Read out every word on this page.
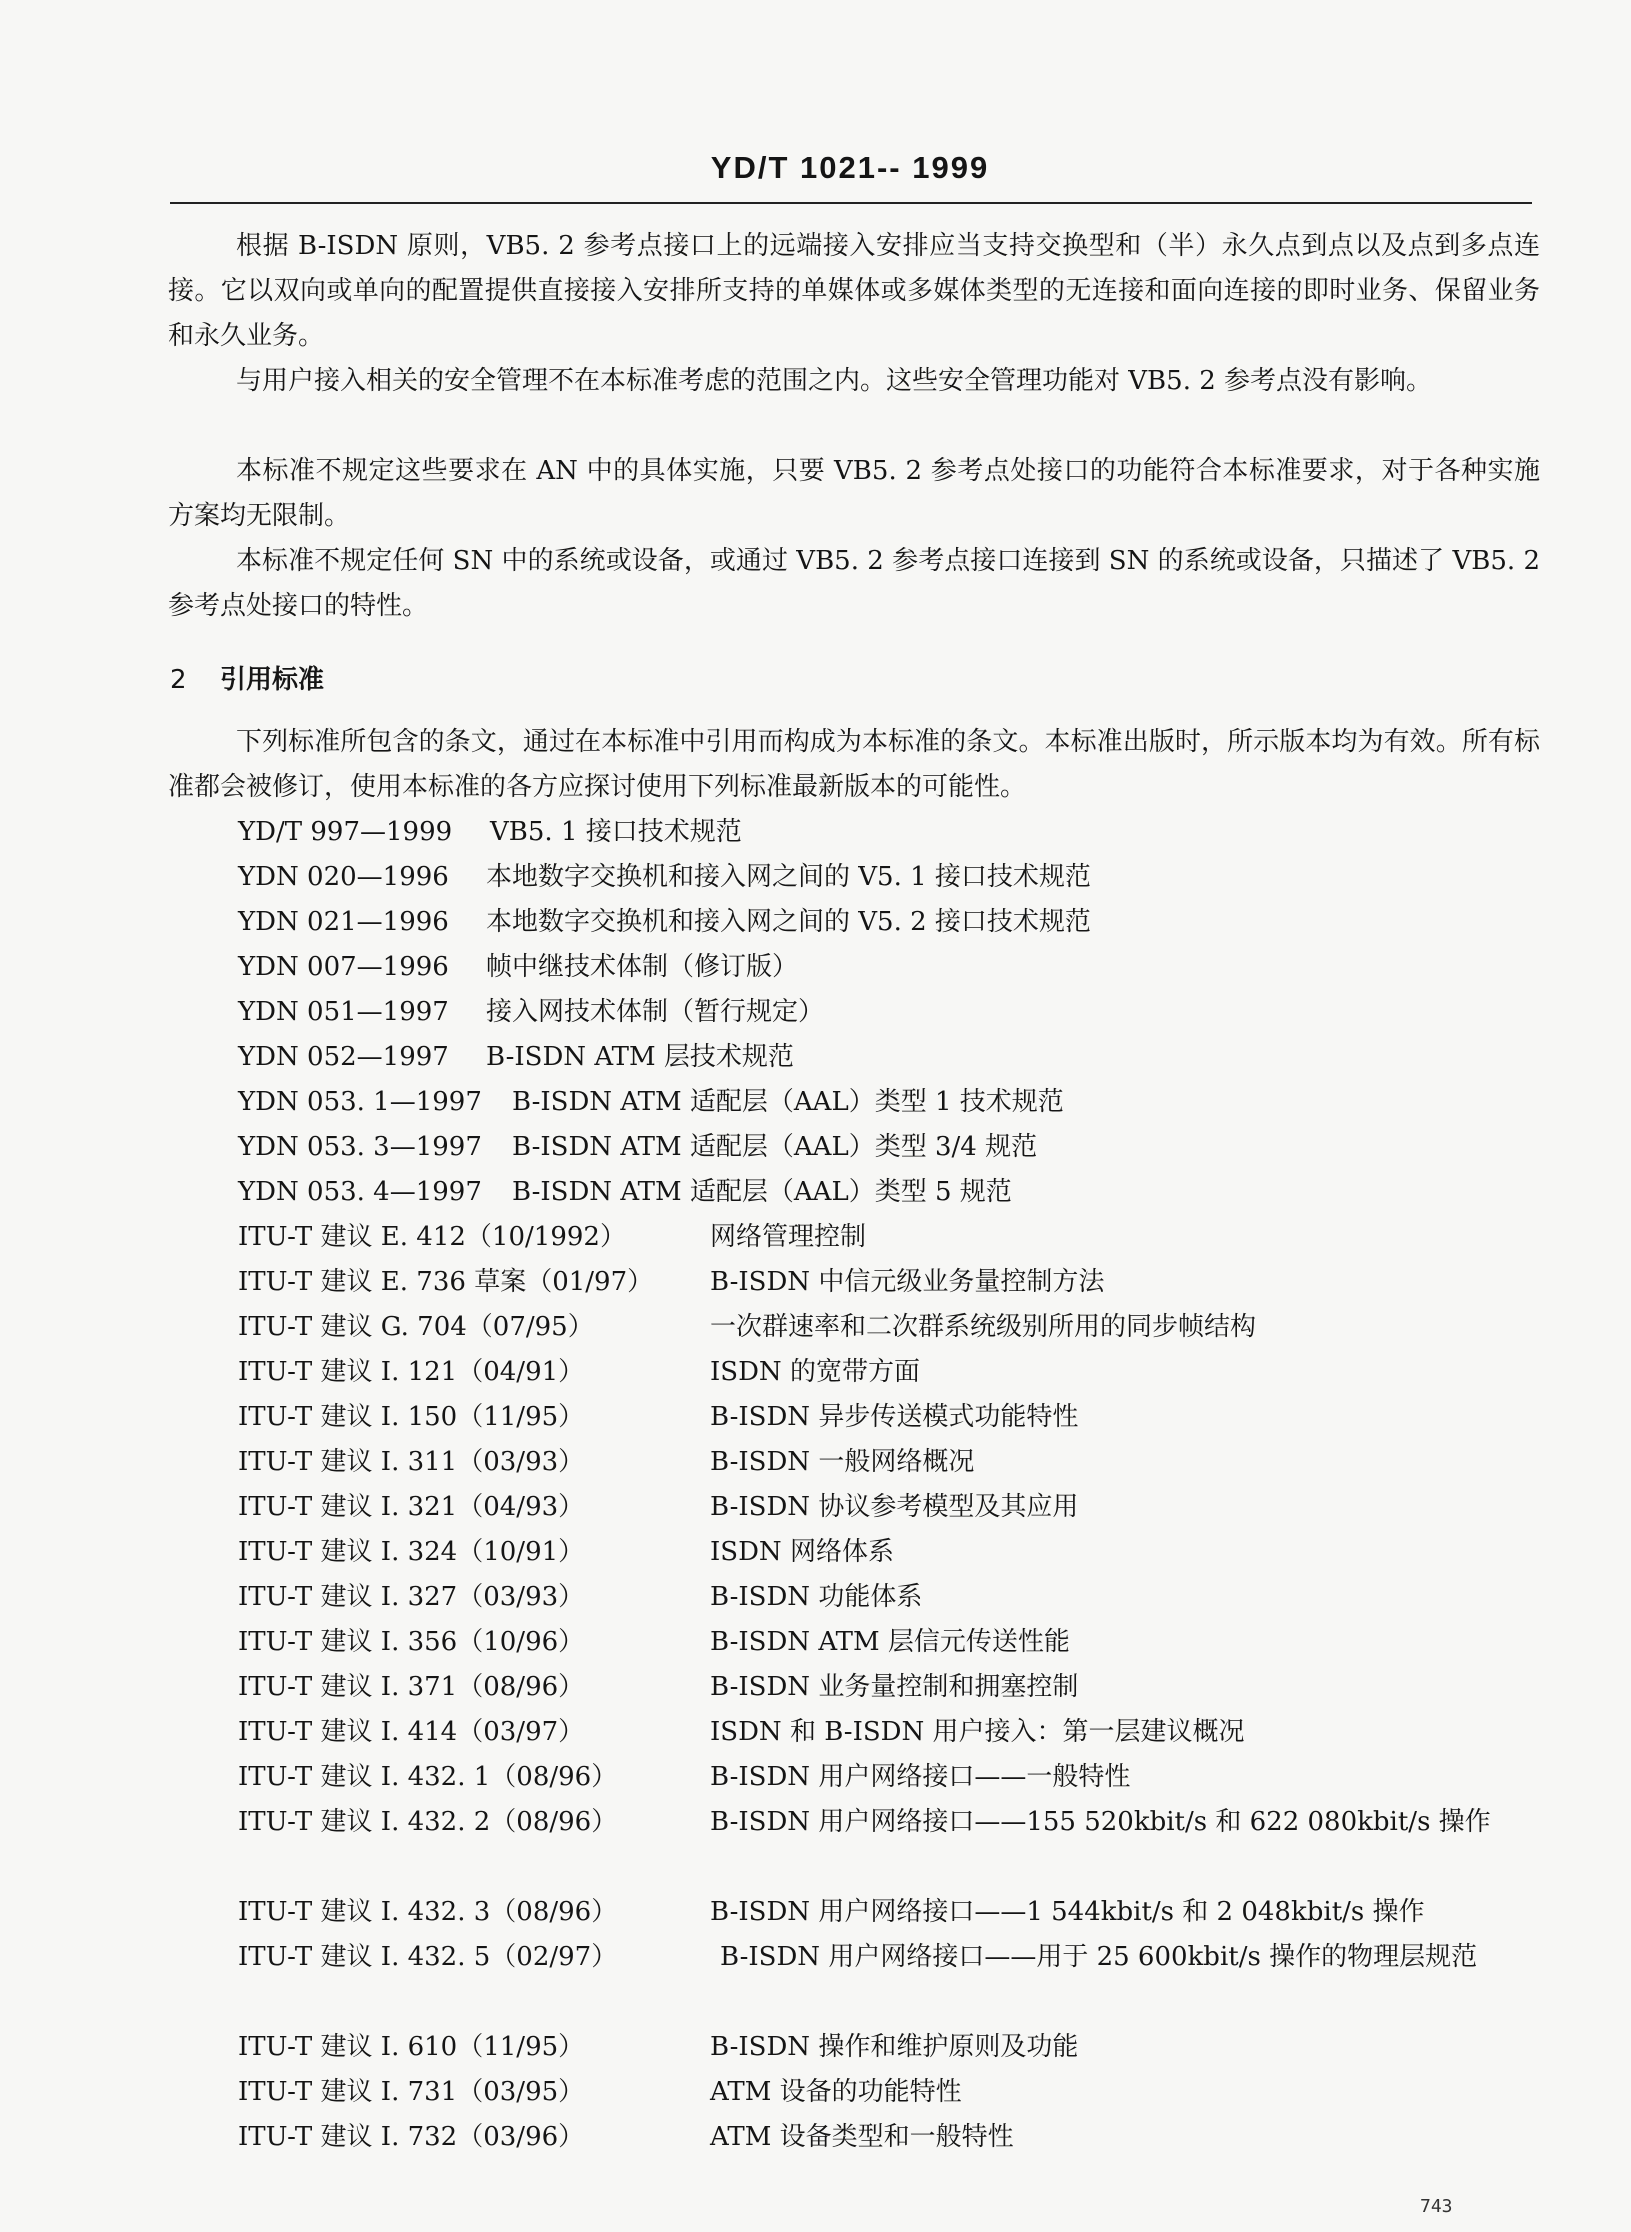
YD/T 1021-- 1999

根据 B-ISDN 原则，VB5. 2 参考点接口上的远端接入安排应当支持交换型和（半）永久点到点以及点到多点连接。它以双向或单向的配置提供直接接入安排所支持的单媒体或多媒体类型的无连接和面向连接的即时业务、保留业务和永久业务。

与用户接入相关的安全管理不在本标准考虑的范围之内。这些安全管理功能对 VB5. 2 参考点没有影响。

本标准不规定这些要求在 AN 中的具体实施，只要 VB5. 2 参考点处接口的功能符合本标准要求，对于各种实施方案均无限制。

本标准不规定任何 SN 中的系统或设备，或通过 VB5. 2 参考点接口连接到 SN 的系统或设备，只描述了 VB5. 2 参考点处接口的特性。

2 引用标准

下列标准所包含的条文，通过在本标准中引用而构成为本标准的条文。本标准出版时，所示版本均为有效。所有标准都会被修订，使用本标准的各方应探讨使用下列标准最新版本的可能性。

YD/T 997—1999 VB5. 1 接口技术规范
YDN 020—1996 本地数字交换机和接入网之间的 V5. 1 接口技术规范
YDN 021—1996 本地数字交换机和接入网之间的 V5. 2 接口技术规范
YDN 007—1996 帧中继技术体制（修订版）
YDN 051—1997 接入网技术体制（暂行规定）
YDN 052—1997 B-ISDN ATM 层技术规范
YDN 053. 1—1997 B-ISDN ATM 适配层（AAL）类型 1 技术规范
YDN 053. 3—1997 B-ISDN ATM 适配层（AAL）类型 3/4 规范
YDN 053. 4—1997 B-ISDN ATM 适配层（AAL）类型 5 规范
ITU-T 建议 E. 412（10/1992）	网络管理控制
ITU-T 建议 E. 736 草案（01/97） B-ISDN 中信元级业务量控制方法
ITU-T 建议 G. 704（07/95）	一次群速率和二次群系统级别所用的同步帧结构
ITU-T 建议 I. 121（04/91）	ISDN 的宽带方面
ITU-T 建议 I. 150（11/95）	B-ISDN 异步传送模式功能特性
ITU-T 建议 I. 311（03/93）	B-ISDN 一般网络概况
ITU-T 建议 I. 321（04/93）	B-ISDN 协议参考模型及其应用
ITU-T 建议 I. 324（10/91）	ISDN 网络体系
ITU-T 建议 I. 327（03/93）	B-ISDN 功能体系
ITU-T 建议 I. 356（10/96）	B-ISDN ATM 层信元传送性能
ITU-T 建议 I. 371（08/96）	B-ISDN 业务量控制和拥塞控制
ITU-T 建议 I. 414（03/97）	ISDN 和 B-ISDN 用户接入：第一层建议概况
ITU-T 建议 I. 432. 1（08/96）	B-ISDN 用户网络接口——一般特性
ITU-T 建议 I. 432. 2（08/96）	B-ISDN 用户网络接口——155 520kbit/s 和 622 080kbit/s 操作
ITU-T 建议 I. 432. 3（08/96）	B-ISDN 用户网络接口——1 544kbit/s 和 2 048kbit/s 操作
ITU-T 建议 I. 432. 5（02/97）	B-ISDN 用户网络接口——用于 25 600kbit/s 操作的物理层规范
ITU-T 建议 I. 610（11/95）	B-ISDN 操作和维护原则及功能
ITU-T 建议 I. 731（03/95）	ATM 设备的功能特性
ITU-T 建议 I. 732（03/96）	ATM 设备类型和一般特性
743
